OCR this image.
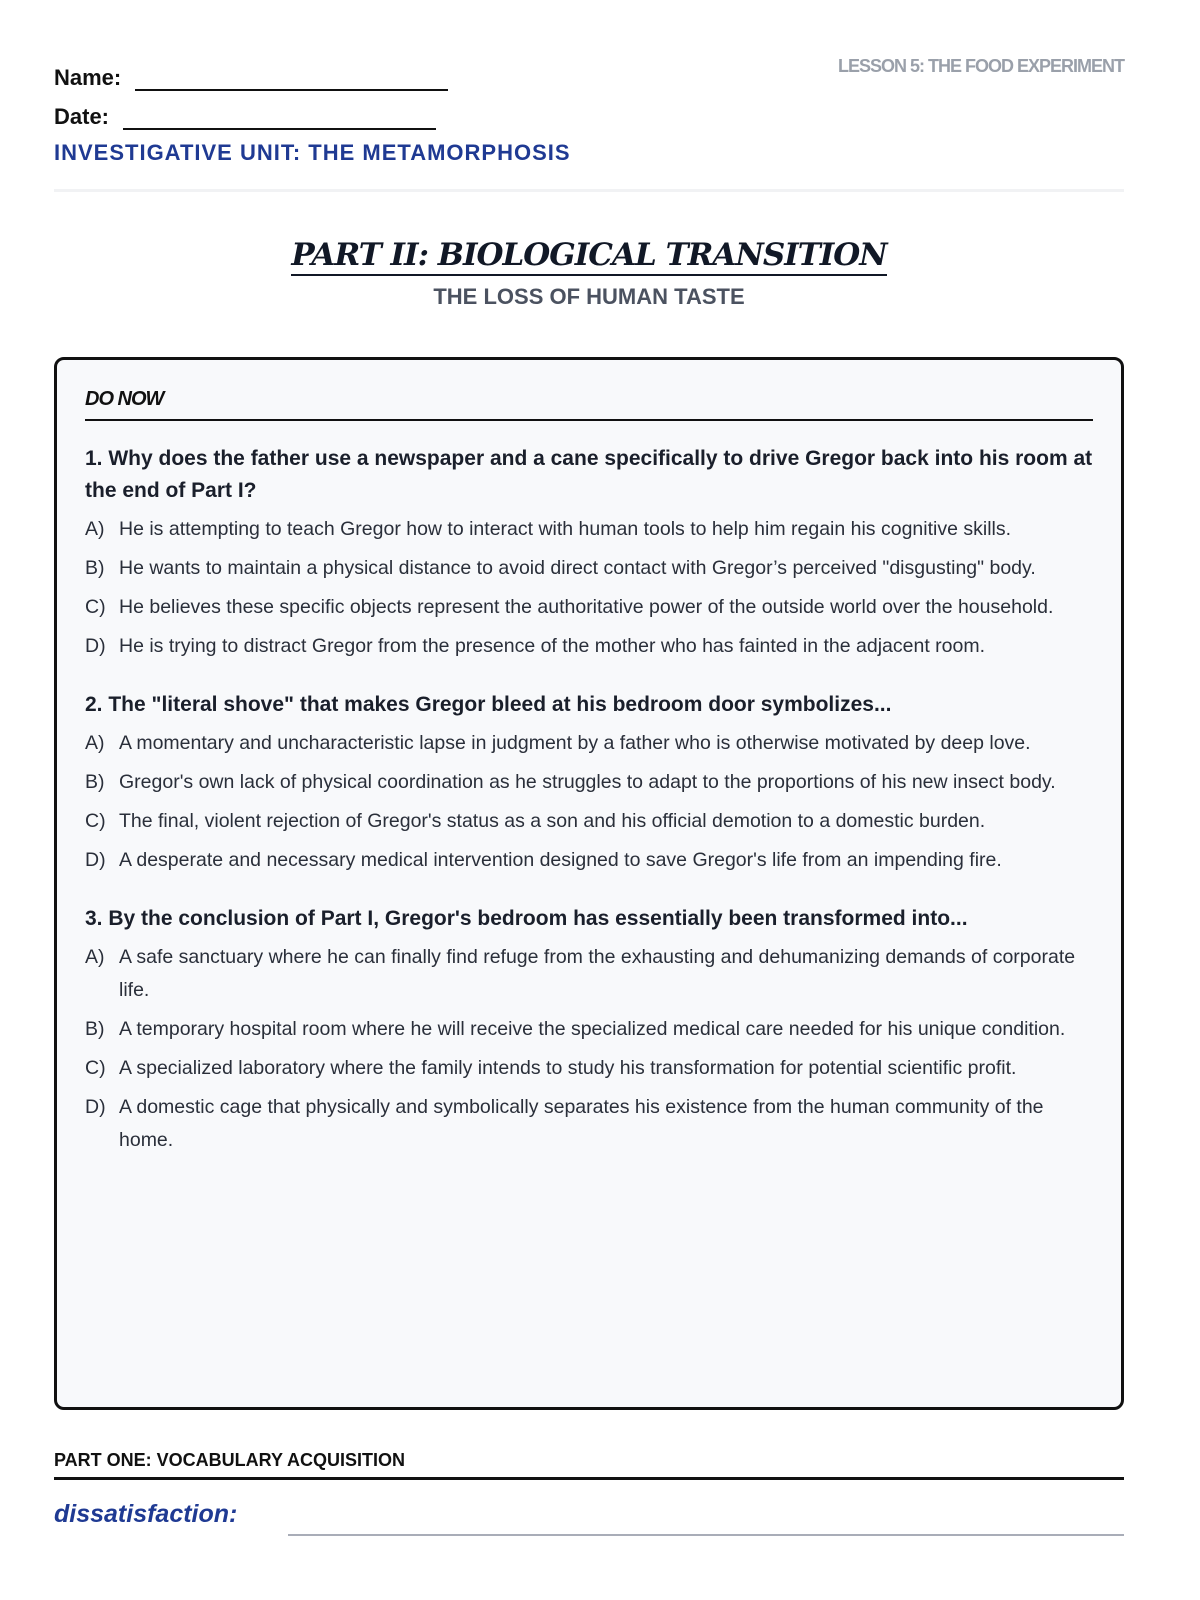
Name:
Date:
INVESTIGATIVE UNIT: THE METAMORPHOSIS
LESSON 5: THE FOOD EXPERIMENT
PART II: BIOLOGICAL TRANSITION
THE LOSS OF HUMAN TASTE
DO NOW
1. Why does the father use a newspaper and a cane specifically to drive Gregor back into his room at the end of Part I?
A) He is attempting to teach Gregor how to interact with human tools to help him regain his cognitive skills.
B) He wants to maintain a physical distance to avoid direct contact with Gregor’s perceived "disgusting" body.
C) He believes these specific objects represent the authoritative power of the outside world over the household.
D) He is trying to distract Gregor from the presence of the mother who has fainted in the adjacent room.
2. The "literal shove" that makes Gregor bleed at his bedroom door symbolizes...
A) A momentary and uncharacteristic lapse in judgment by a father who is otherwise motivated by deep love.
B) Gregor's own lack of physical coordination as he struggles to adapt to the proportions of his new insect body.
C) The final, violent rejection of Gregor's status as a son and his official demotion to a domestic burden.
D) A desperate and necessary medical intervention designed to save Gregor's life from an impending fire.
3. By the conclusion of Part I, Gregor's bedroom has essentially been transformed into...
A) A safe sanctuary where he can finally find refuge from the exhausting and dehumanizing demands of corporate life.
B) A temporary hospital room where he will receive the specialized medical care needed for his unique condition.
C) A specialized laboratory where the family intends to study his transformation for potential scientific profit.
D) A domestic cage that physically and symbolically separates his existence from the human community of the home.
PART ONE: VOCABULARY ACQUISITION
dissatisfaction:
